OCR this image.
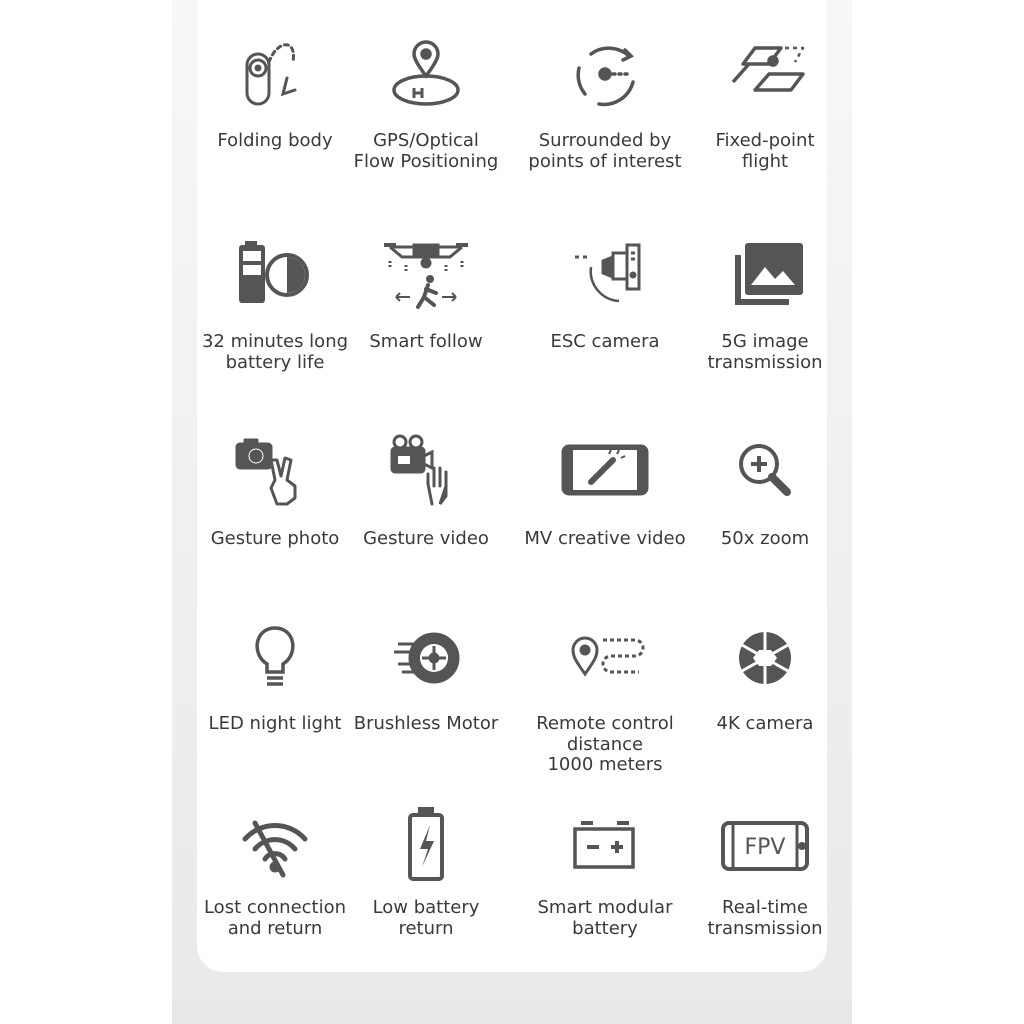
Folding body	GPS/Optical
Flow Positioning
Surrounded by
points of interest
Fixed-point
flight
32 minutes long
battery life
Smart follow	ESC camera	5G image
transmission
Gesture photo	Gesture video	MV creative video	50x zoom
LED night light Brushless Motor	Remote control
distance
1000 meters
4K camera
Lost connection
and return
Low battery
return
Smart modular
battery
FPV
Real-time
transmission
